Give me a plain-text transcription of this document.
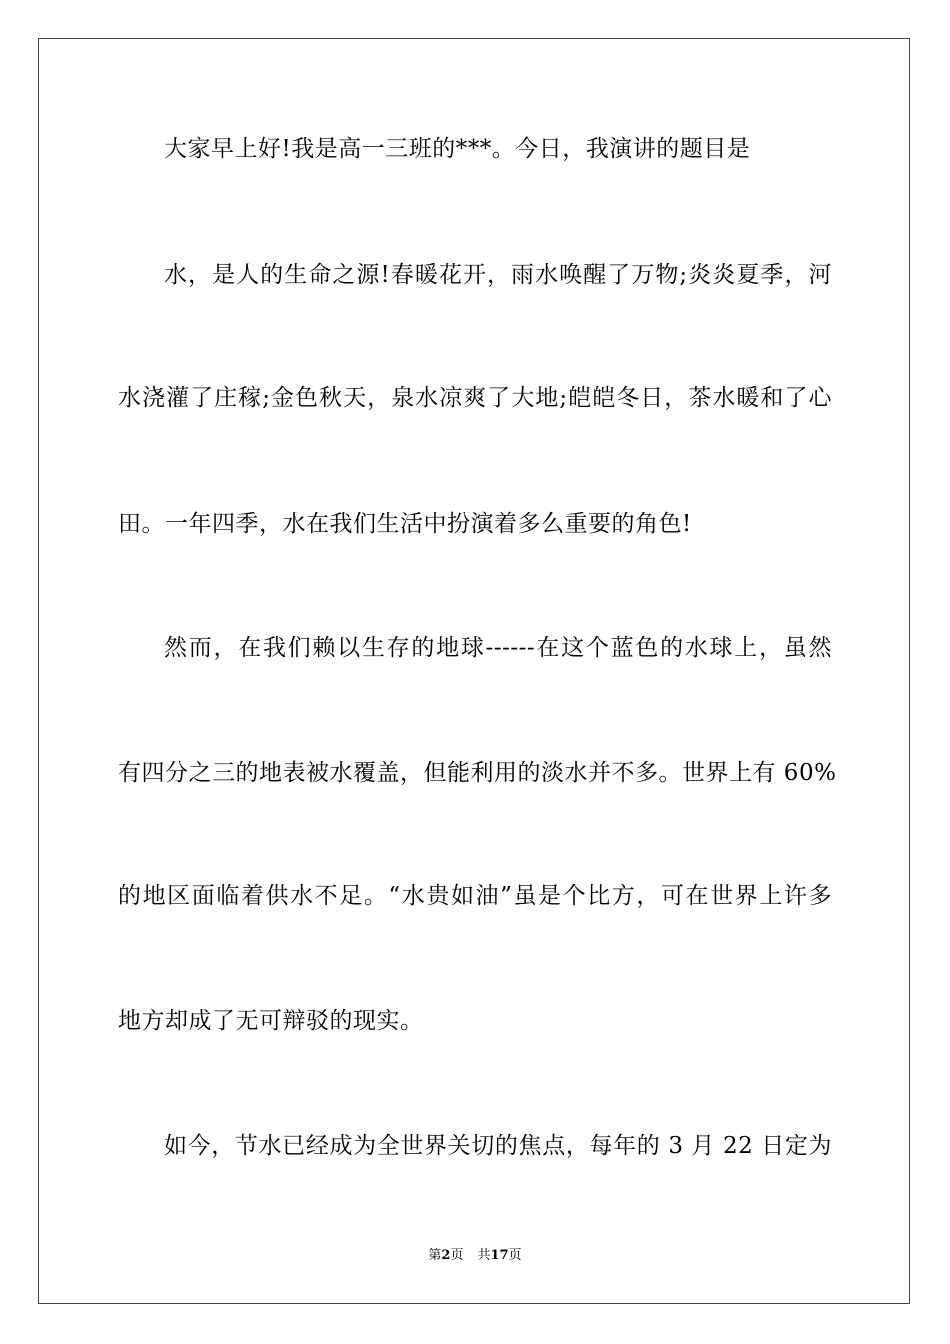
大家早上好!我是高一三班的***。今日，我演讲的题目是
水，是人的生命之源!春暖花开，雨水唤醒了万物;炎炎夏季，河
水浇灌了庄稼;金色秋天，泉水凉爽了大地;皑皑冬日，茶水暖和了心
田。一年四季，水在我们生活中扮演着多么重要的角色!
然而，在我们赖以生存的地球------在这个蓝色的水球上，虽然
有四分之三的地表被水覆盖，但能利用的淡水并不多。世界上有 60%
的地区面临着供水不足。“水贵如油”虽是个比方，可在世界上许多
地方却成了无可辩驳的现实。
如今，节水已经成为全世界关切的焦点，每年的 3 月 22 日定为
第2页 共17页
